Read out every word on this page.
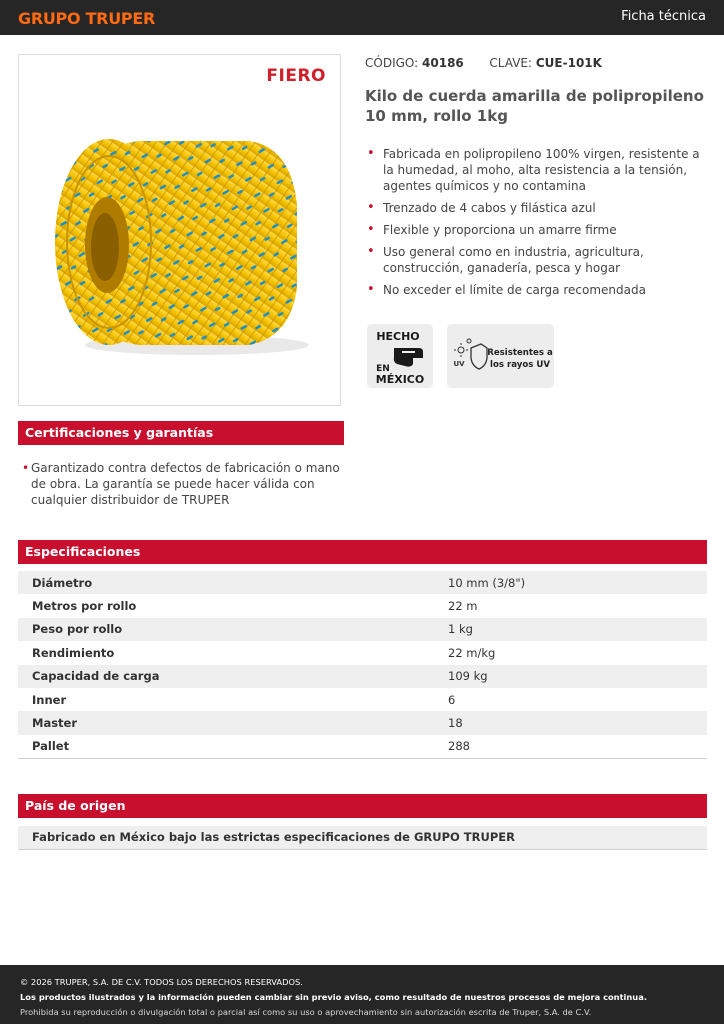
GRUPO TRUPER	Ficha técnica
FIERO
CÓDIGO: 40186 CLAVE: CUE-101K
Kilo de cuerda amarilla de polipropileno 10 mm, rollo 1kg
• Fabricada en polipropileno 100% virgen, resistente a la humedad, al moho, alta resistencia a la tensión, agentes químicos y no contamina
• Trenzado de 4 cabos y filástica azul
• Flexible y proporciona un amarre firme
• Uso general como en industria, agricultura, construcción, ganadería, pesca y hogar
• No exceder el límite de carga recomendada
HECHO
EN
MÉXICO
UV
Resistentes a
los rayos UV
Certificaciones y garantías
• Garantizado contra defectos de fabricación o mano de obra. La garantía se puede hacer válida con cualquier distribuidor de TRUPER
Especificaciones
Diámetro	10 mm (3/8")
Metros por rollo	22 m
Peso por rollo	1 kg
Rendimiento	22 m/kg
Capacidad de carga	109 kg
Inner	6
Master	18
Pallet	288
País de origen
Fabricado en México bajo las estrictas especificaciones de GRUPO TRUPER
© 2026 TRUPER, S.A. DE C.V. TODOS LOS DERECHOS RESERVADOS.
Los productos ilustrados y la información pueden cambiar sin previo aviso, como resultado de nuestros procesos de mejora continua.
Prohibida su reproducción o divulgación total o parcial así como su uso o aprovechamiento sin autorización escrita de Truper, S.A. de C.V.
